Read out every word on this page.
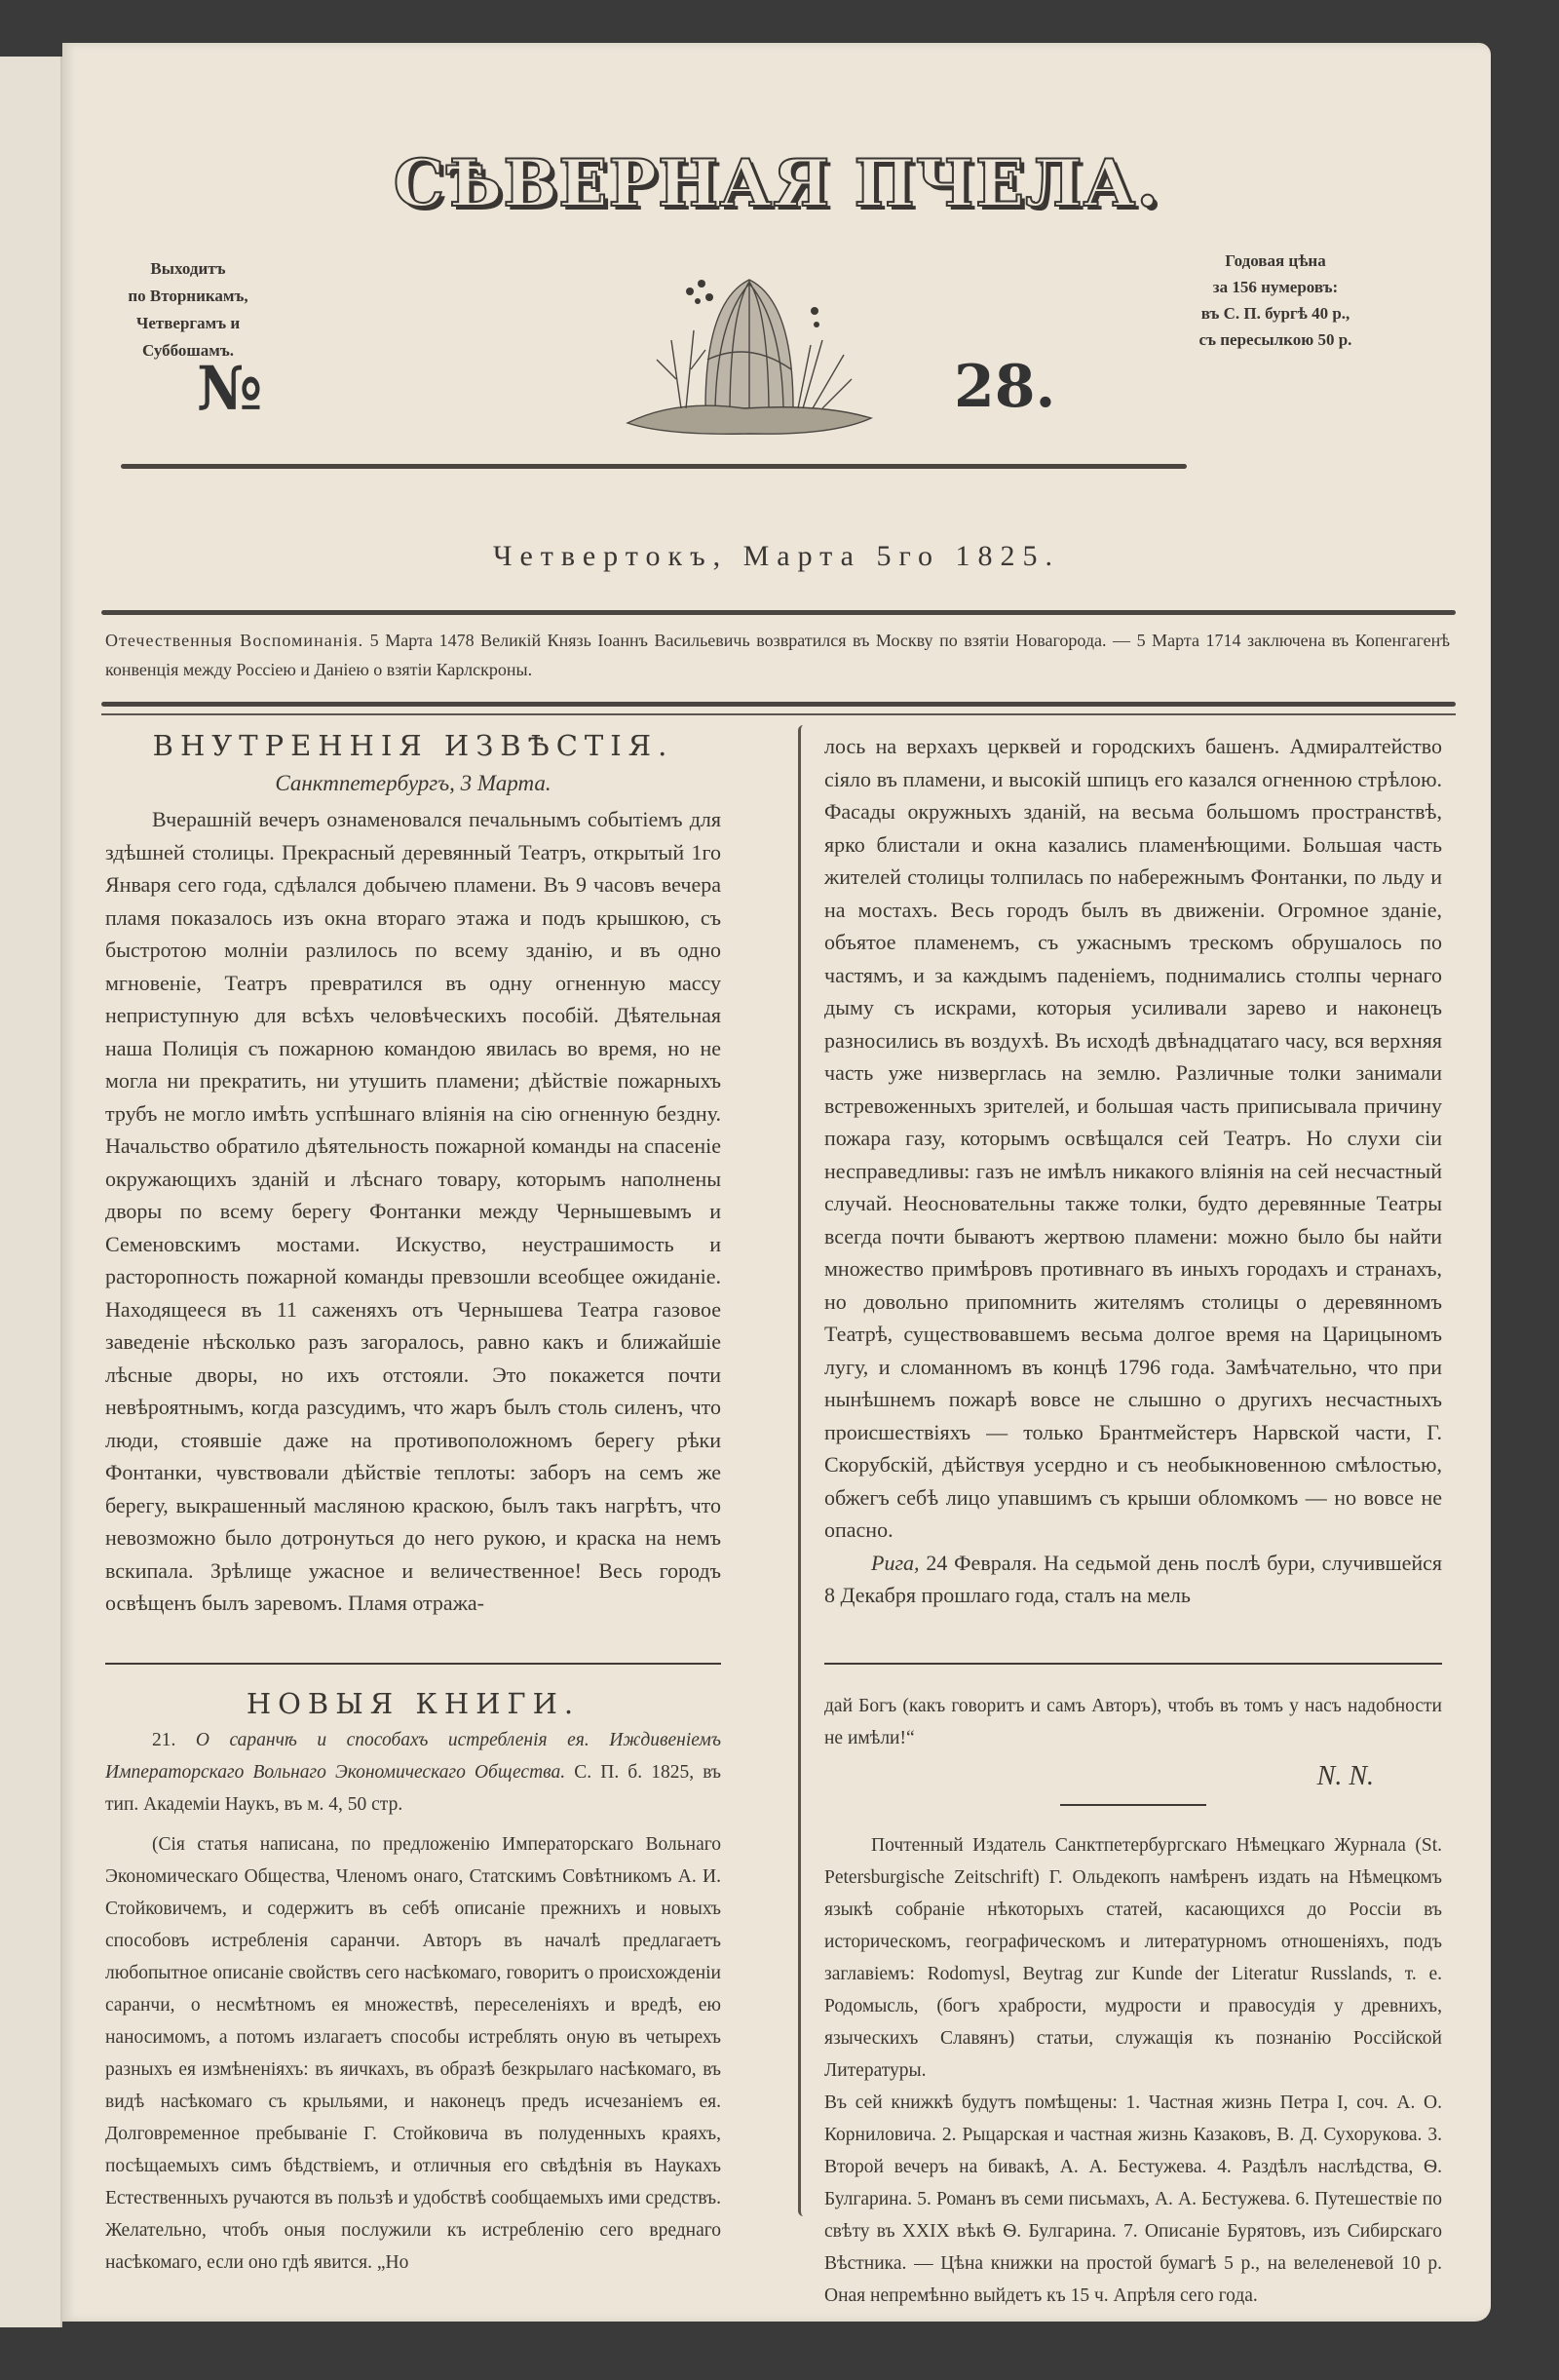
СѢВЕРНАЯ ПЧЕЛА.
Выходитъ
по Вторникамъ,
Четвергамъ и
Суббошамъ.
№	28.
Годовая цѣна
за 156 нумеровъ:
въ С. П. бургѣ 40 р.,
съ пересылкою 50 р.
Четвертокъ, Марта 5го 1825.
Отечественныя Воспоминанія. 5 Марта 1478 Великій Князь Іоаннъ Васильевичь возвратился въ Москву по взятіи Новагорода. — 5 Марта 1714 заключена въ Копенгагенѣ конвенція между Россіею и Даніею о взятіи Карлскроны.
ВНУТРЕННІЯ ИЗВѢСТІЯ.
Санктпетербургъ, 3 Марта.

Вчерашній вечеръ ознаменовался печальнымъ событіемъ для здѣшней столицы. Прекрасный деревянный Театръ, открытый 1го Января сего года, сдѣлался добычею пламени. Въ 9 часовъ вечера пламя показалось изъ окна втораго этажа и подъ крышкою, съ быстротою молніи разлилось по всему зданію, и въ одно мгновеніе, Театръ превратился въ одну огненную массу неприступную для всѣхъ человѣческихъ пособій. Дѣятельная наша Полиція съ пожарною командою явилась во время, но не могла ни прекратить, ни утушить пламени; дѣйствіе пожарныхъ трубъ не могло имѣть успѣшнаго вліянія на сію огненную бездну. Начальство обратило дѣятельность пожарной команды на спасеніе окружающихъ зданій и лѣснаго товару, которымъ наполнены дворы по всему берегу Фонтанки между Чернышевымъ и Семеновскимъ мостами. Искуство, неустрашимость и расторопность пожарной команды превзошли всеобщее ожиданіе. Находящееся въ 11 саженяхъ отъ Чернышева Театра газовое заведеніе нѣсколько разъ загоралось, равно какъ и ближайшіе лѣсные дворы, но ихъ отстояли. Это покажется почти невѣроятнымъ, когда разсудимъ, что жаръ былъ столь силенъ, что люди, стоявшіе даже на противоположномъ берегу рѣки Фонтанки, чувствовали дѣйствіе теплоты: заборъ на семъ же берегу, выкрашенный масляною краскою, былъ такъ нагрѣтъ, что невозможно было дотронуться до него рукою, и краска на немъ вскипала. Зрѣлище ужасное и величественное! Весь городъ освѣщенъ былъ заревомъ. Пламя отража-

НОВЫЯ КНИГИ.

21. О саранчѣ и способахъ истребленія ея. Иждивеніемъ Императорскаго Вольнаго Экономическаго Общества. С. П. б. 1825, въ тип. Академіи Наукъ, въ м. 4, 50 стр.

(Сія статья написана, по предложенію Императорскаго Вольнаго Экономическаго Общества, Членомъ онаго, Статскимъ Совѣтникомъ А. И. Стойковичемъ, и содержитъ въ себѣ описаніе прежнихъ и новыхъ способовъ истребленія саранчи. Авторъ въ началѣ предлагаетъ любопытное описаніе свойствъ сего насѣкомаго, говоритъ о происхожденіи саранчи, о несмѣтномъ ея множествѣ, переселеніяхъ и вредѣ, ею наносимомъ, а потомъ излагаетъ способы истреблять оную въ четырехъ разныхъ ея измѣненіяхъ: въ яичкахъ, въ образѣ безкрылаго насѣкомаго, въ видѣ насѣкомаго съ крыльями, и наконецъ предъ исчезаніемъ ея. Долговременное пребываніе Г. Стойковича въ полуденныхъ краяхъ, посѣщаемыхъ симъ бѣдствіемъ, и отличныя его свѣдѣнія въ Наукахъ Естественныхъ ручаются въ пользѣ и удобствѣ сообщаемыхъ ими средствъ. Желательно, чтобъ оныя послужили къ истребленію сего вреднаго насѣкомаго, если оно гдѣ явится. „Но

лось на верхахъ церквей и городскихъ башенъ. Адмиралтейство сіяло въ пламени, и высокій шпицъ его казался огненною стрѣлою. Фасады окружныхъ зданій, на весьма большомъ пространствѣ, ярко блистали и окна казались пламенѣющими. Большая часть жителей столицы толпилась по набережнымъ Фонтанки, по льду и на мостахъ. Весь городъ былъ въ движеніи. Огромное зданіе, объятое пламенемъ, съ ужаснымъ трескомъ обрушалось по частямъ, и за каждымъ паденіемъ, поднимались столпы чернаго дыму съ искрами, которыя усиливали зарево и наконецъ разносились въ воздухѣ. Въ исходѣ двѣнадцатаго часу, вся верхняя часть уже низверглась на землю. Различные толки занимали встревоженныхъ зрителей, и большая часть приписывала причину пожара газу, которымъ освѣщался сей Театръ. Но слухи сіи несправедливы: газъ не имѣлъ никакого вліянія на сей несчастный случай. Неосновательны также толки, будто деревянные Театры всегда почти бываютъ жертвою пламени: можно было бы найти множество примѣровъ противнаго въ иныхъ городахъ и странахъ, но довольно припомнить жителямъ столицы о деревянномъ Театрѣ, существовавшемъ весьма долгое время на Царицыномъ лугу, и сломанномъ въ концѣ 1796 года. Замѣчательно, что при нынѣшнемъ пожарѣ вовсе не слышно о другихъ несчастныхъ происшествіяхъ — только Брантмейстеръ Нарвской части, Г. Скорубскій, дѣйствуя усердно и съ необыкновенною смѣлостью, обжегъ себѣ лицо упавшимъ съ крыши обломкомъ — но вовсе не опасно.

Рига, 24 Февраля. На седьмой день послѣ бури, случившейся 8 Декабря прошлаго года, сталъ на мель

дай Богъ (какъ говоритъ и самъ Авторъ), чтобъ въ томъ у насъ надобности не имѣли!“

N. N.

Почтенный Издатель Санктпетербургскаго Нѣмецкаго Журнала (St. Petersburgische Zeitschrift) Г. Ольдекопъ намѣренъ издать на Нѣмецкомъ языкѣ собраніе нѣкоторыхъ статей, касающихся до Россіи въ историческомъ, географическомъ и литературномъ отношеніяхъ, подъ заглавіемъ: Rodomysl, Beytrag zur Kunde der Literatur Russlands, т. е. Родомысль, (богъ храбрости, мудрости и правосудія у древнихъ, языческихъ Славянъ) статьи, служащія къ познанію Россійской Литературы.

Въ сей книжкѣ будутъ помѣщены: 1. Частная жизнь Петра I, соч. А. О. Корниловича. 2. Рыцарская и частная жизнь Казаковъ, В. Д. Сухорукова. 3. Второй вечеръ на бивакѣ, А. А. Бестужева. 4. Раздѣлъ наслѣдства, Ѳ. Булгарина. 5. Романъ въ семи письмахъ, А. А. Бестужева. 6. Путешествіе по свѣту въ XXIX вѣкѣ Ѳ. Булгарина. 7. Описаніе Бурятовъ, изъ Сибирскаго Вѣстника. — Цѣна книжки на простой бумагѣ 5 р., на велеленевой 10 р. Оная непремѣнно выйдетъ къ 15 ч. Апрѣля сего года.
